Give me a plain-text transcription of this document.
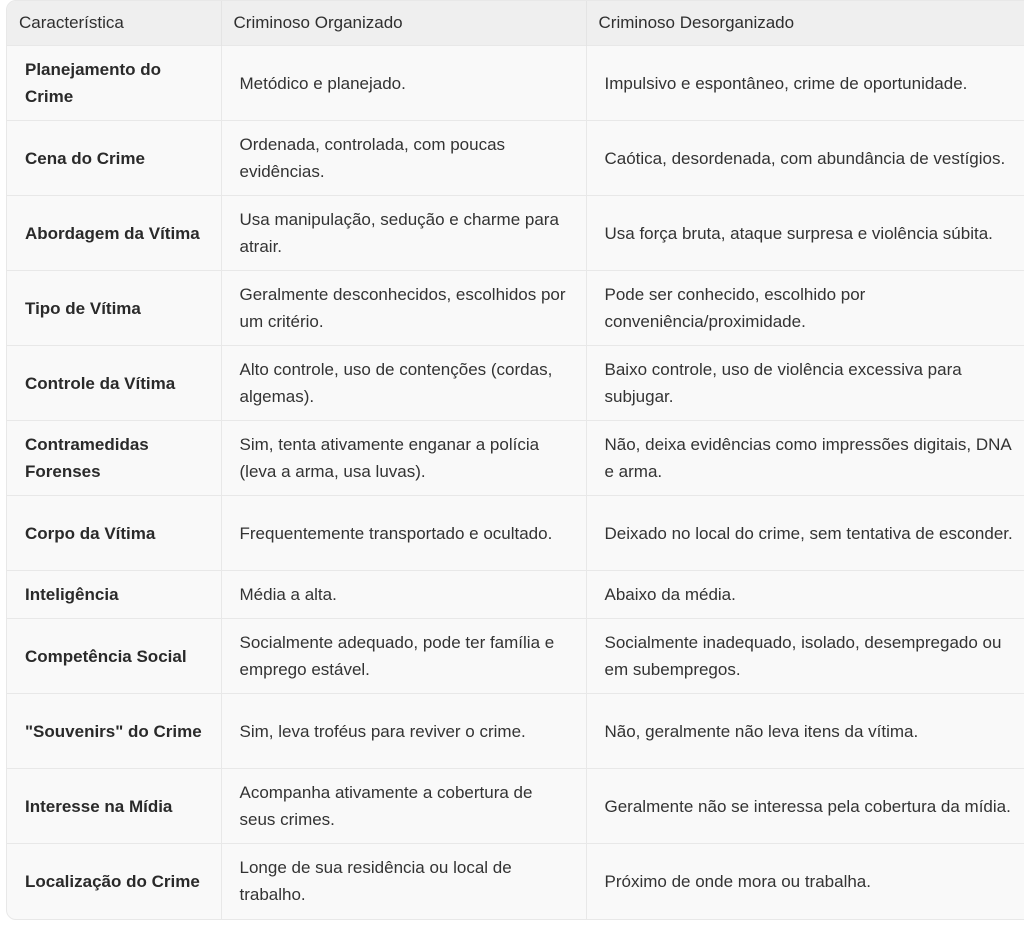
Característica	Criminoso Organizado	Criminoso Desorganizado
Planejamento do Crime	Metódico e planejado.	Impulsivo e espontâneo, crime de oportunidade.
Cena do Crime	Ordenada, controlada, com poucas evidências.	Caótica, desordenada, com abundância de vestígios.
Abordagem da Vítima	Usa manipulação, sedução e charme para atrair.	Usa força bruta, ataque surpresa e violência súbita.
Tipo de Vítima	Geralmente desconhecidos, escolhidos por um critério.	Pode ser conhecido, escolhido por conveniência/proximidade.
Controle da Vítima	Alto controle, uso de contenções (cordas, algemas).	Baixo controle, uso de violência excessiva para subjugar.
Contramedidas Forenses	Sim, tenta ativamente enganar a polícia (leva a arma, usa luvas).	Não, deixa evidências como impressões digitais, DNA e arma.
Corpo da Vítima	Frequentemente transportado e ocultado.	Deixado no local do crime, sem tentativa de esconder.
Inteligência	Média a alta.	Abaixo da média.
Competência Social	Socialmente adequado, pode ter família e emprego estável.	Socialmente inadequado, isolado, desempregado ou em subempregos.
"Souvenirs" do Crime	Sim, leva troféus para reviver o crime.	Não, geralmente não leva itens da vítima.
Interesse na Mídia	Acompanha ativamente a cobertura de seus crimes.	Geralmente não se interessa pela cobertura da mídia.
Localização do Crime	Longe de sua residência ou local de trabalho.	Próximo de onde mora ou trabalha.
